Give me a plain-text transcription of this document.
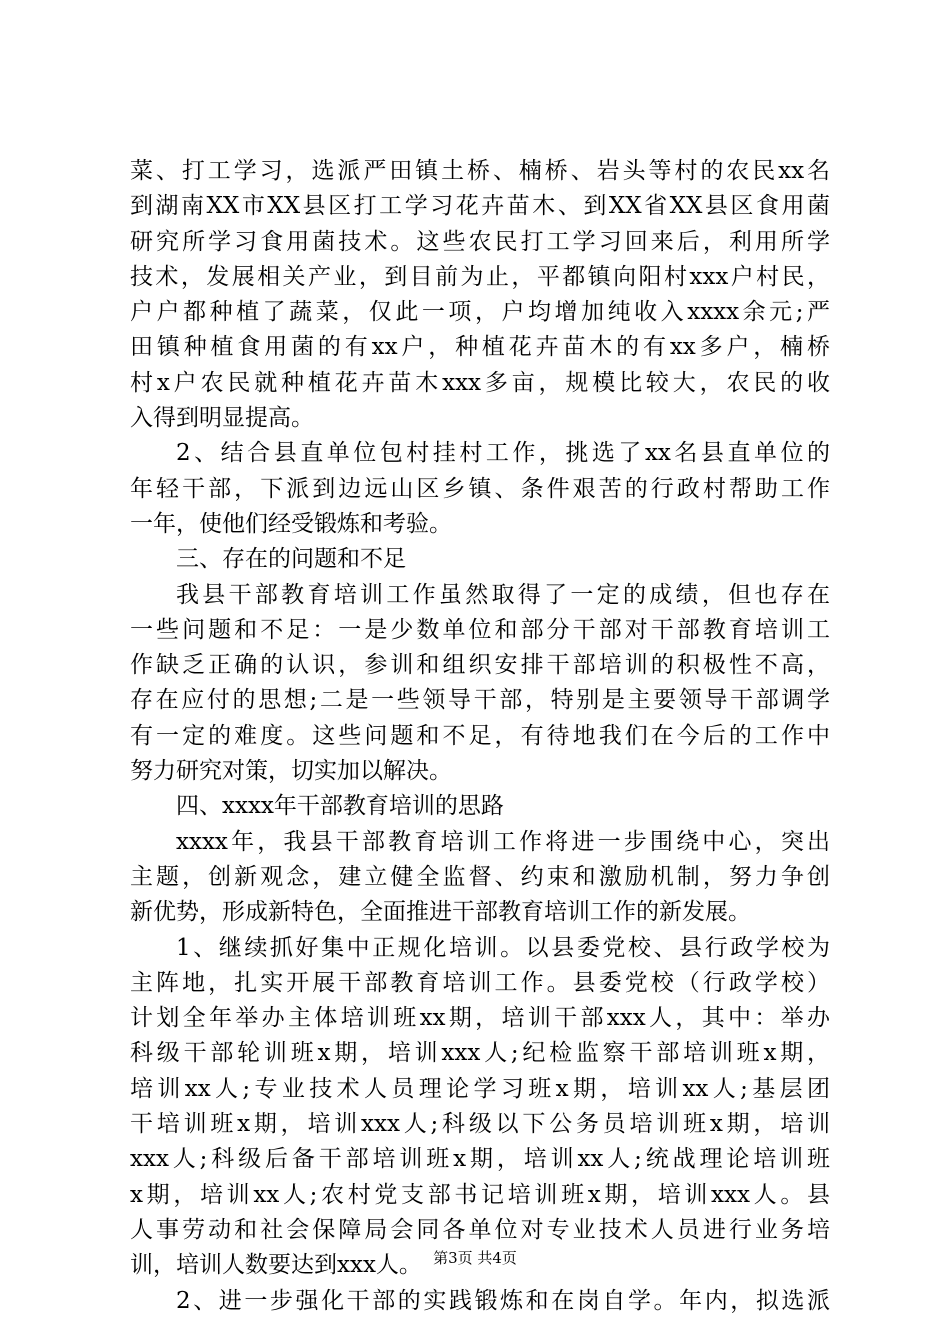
菜、打工学习，选派严田镇土桥、楠桥、岩头等村的农民xx名
到湖南XX市XX县区打工学习花卉苗木、到XX省XX县区食用菌
研究所学习食用菌技术。这些农民打工学习回来后，利用所学
技术，发展相关产业，到目前为止，平都镇向阳村xxx户村民，
户户都种植了蔬菜，仅此一项，户均增加纯收入xxxx余元;严
田镇种植食用菌的有xx户，种植花卉苗木的有xx多户，楠桥
村x户农民就种植花卉苗木xxx多亩，规模比较大，农民的收
入得到明显提高。
2、结合县直单位包村挂村工作，挑选了xx名县直单位的
年轻干部，下派到边远山区乡镇、条件艰苦的行政村帮助工作
一年，使他们经受锻炼和考验。
三、存在的问题和不足
我县干部教育培训工作虽然取得了一定的成绩，但也存在
一些问题和不足：一是少数单位和部分干部对干部教育培训工
作缺乏正确的认识，参训和组织安排干部培训的积极性不高，
存在应付的思想;二是一些领导干部，特别是主要领导干部调学
有一定的难度。这些问题和不足，有待地我们在今后的工作中
努力研究对策，切实加以解决。
四、xxxx年干部教育培训的思路
xxxx年，我县干部教育培训工作将进一步围绕中心，突出
主题，创新观念，建立健全监督、约束和激励机制，努力争创
新优势，形成新特色，全面推进干部教育培训工作的新发展。
1、继续抓好集中正规化培训。以县委党校、县行政学校为
主阵地，扎实开展干部教育培训工作。县委党校（行政学校）
计划全年举办主体培训班xx期，培训干部xxx人，其中：举办
科级干部轮训班x期，培训xxx人;纪检监察干部培训班x期，
培训xx人;专业技术人员理论学习班x期，培训xx人;基层团
干培训班x期，培训xxx人;科级以下公务员培训班x期，培训
xxx人;科级后备干部培训班x期，培训xx人;统战理论培训班
x期，培训xx人;农村党支部书记培训班x期，培训xxx人。县
人事劳动和社会保障局会同各单位对专业技术人员进行业务培
训，培训人数要达到xxx人。
2、进一步强化干部的实践锻炼和在岗自学。年内，拟选派
第3页 共4页
